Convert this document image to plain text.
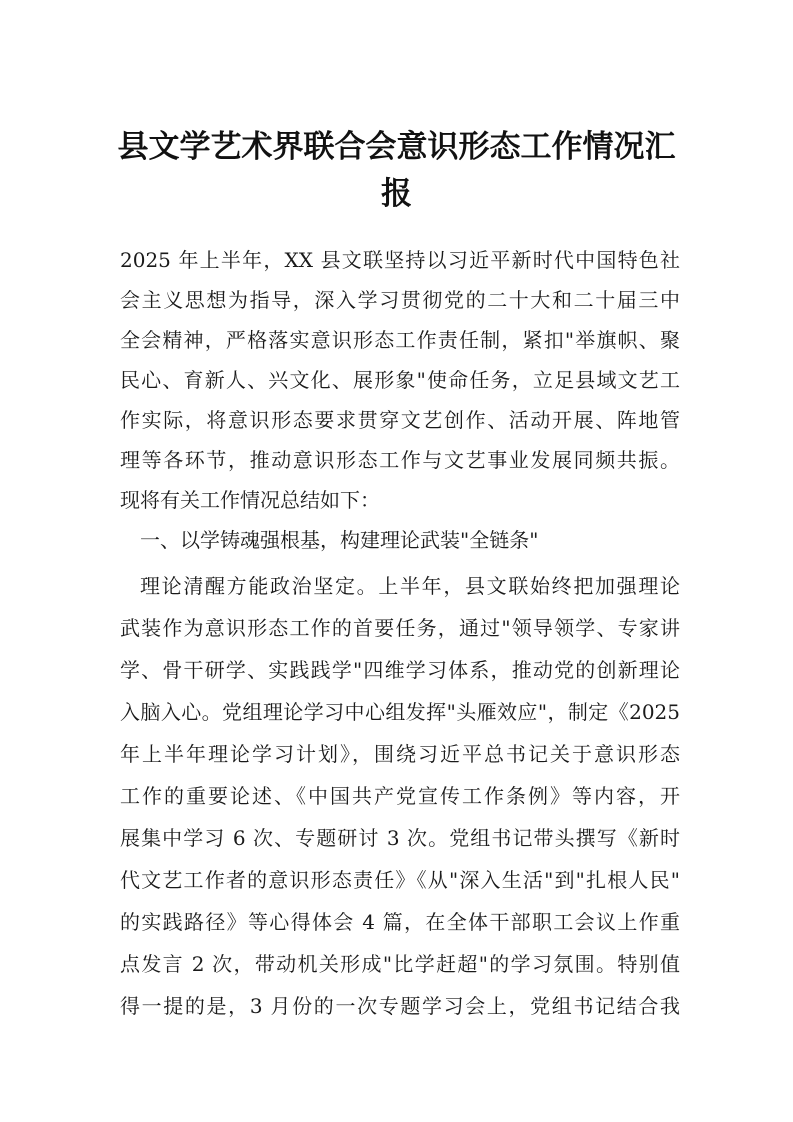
县文学艺术界联合会意识形态工作情况汇
报
2025 年上半年，XX 县文联坚持以习近平新时代中国特色社
会主义思想为指导，深入学习贯彻党的二十大和二十届三中
全会精神，严格落实意识形态工作责任制，紧扣"举旗帜、聚
民心、育新人、兴文化、展形象"使命任务，立足县域文艺工
作实际，将意识形态要求贯穿文艺创作、活动开展、阵地管
理等各环节，推动意识形态工作与文艺事业发展同频共振。
现将有关工作情况总结如下：
一、以学铸魂强根基，构建理论武装"全链条"
理论清醒方能政治坚定。上半年，县文联始终把加强理论
武装作为意识形态工作的首要任务，通过"领导领学、专家讲
学、骨干研学、实践践学"四维学习体系，推动党的创新理论
入脑入心。党组理论学习中心组发挥"头雁效应"，制定《2025
年上半年理论学习计划》，围绕习近平总书记关于意识形态
工作的重要论述、《中国共产党宣传工作条例》等内容，开
展集中学习 6 次、专题研讨 3 次。党组书记带头撰写《新时
代文艺工作者的意识形态责任》《从"深入生活"到"扎根人民"
的实践路径》等心得体会 4 篇，在全体干部职工会议上作重
点发言 2 次，带动机关形成"比学赶超"的学习氛围。特别值
得一提的是，3 月份的一次专题学习会上，党组书记结合我
